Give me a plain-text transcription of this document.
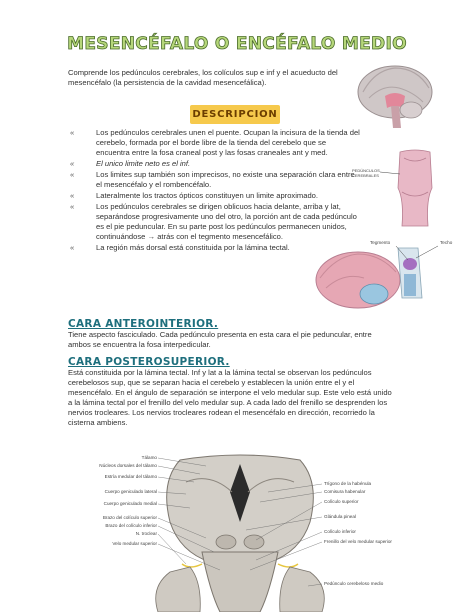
MESENCÉFALO O ENCÉFALO MEDIO
Comprende los pedúnculos cerebrales, los colículos sup e inf y el acueducto del mesencéfalo (la persistencia de la cavidad mesencefálica).
DESCRIPCION
« Los pedúnculos cerebrales unen el puente. Ocupan la incisura de la tienda del cerebelo, formada por el borde libre de la tienda del cerebelo que se encuentra entre la fosa craneal post y las fosas craneales ant y med.
« El unico limite neto es el inf.
« Los limites sup también son imprecisos, no existe una separación clara entre el mesencéfalo y el rombencéfalo.
« Lateralmente los tractos ópticos constituyen un limite aproximado.
« Los pedúnculos cerebrales se dirigen oblicuos hacia delante, arriba y lat, separándose progresivamente uno del otro, la porción ant de cada pedúnculo es el pie peduncular. En su parte post los pedúnculos permanecen unidos, continuándose → atrás con el tegmento mesencefálico.
« La región más dorsal está constituida por la lámina tectal.
PEDÚNCULOS CEREBRALES
Tegmento	Techo
CARA ANTEROINTERIOR.
Tiene aspecto fasciculado. Cada pedúnculo presenta en esta cara el pie peduncular, entre ambos se encuentra la fosa interpedicular.
CARA POSTEROSUPERIOR.
Está constituida por la lámina tectal. Inf y lat a la lámina tectal se observan los pedúnculos cerebelosos sup, que se separan hacia el cerebelo y establecen la unión entre el y el mesencéfalo. En el ángulo de separación se interpone el velo medular sup. Este velo está unido a la lámina tectal por el frenillo del velo medular sup. A cada lado del frenillo se desprenden los nervios trocleares. Los nervios trocleares rodean el mesencéfalo en dirección, recorriedo la cisterna ambiens.
Tálamo
Núcleos dorsales del tálamo
Estría medular del tálamo
Cuerpo geniculado lateral
Cuerpo geniculado medial
Brazo del colículo superior
Brazo del colículo inferior
N. troclear
Velo medular superior
Trígono de la habénula
Comisura habenular
Colículo superior
Glándula pineal
Colículo inferior
Frenillo del velo medular superior
Pedúnculo cerebeloso medio
